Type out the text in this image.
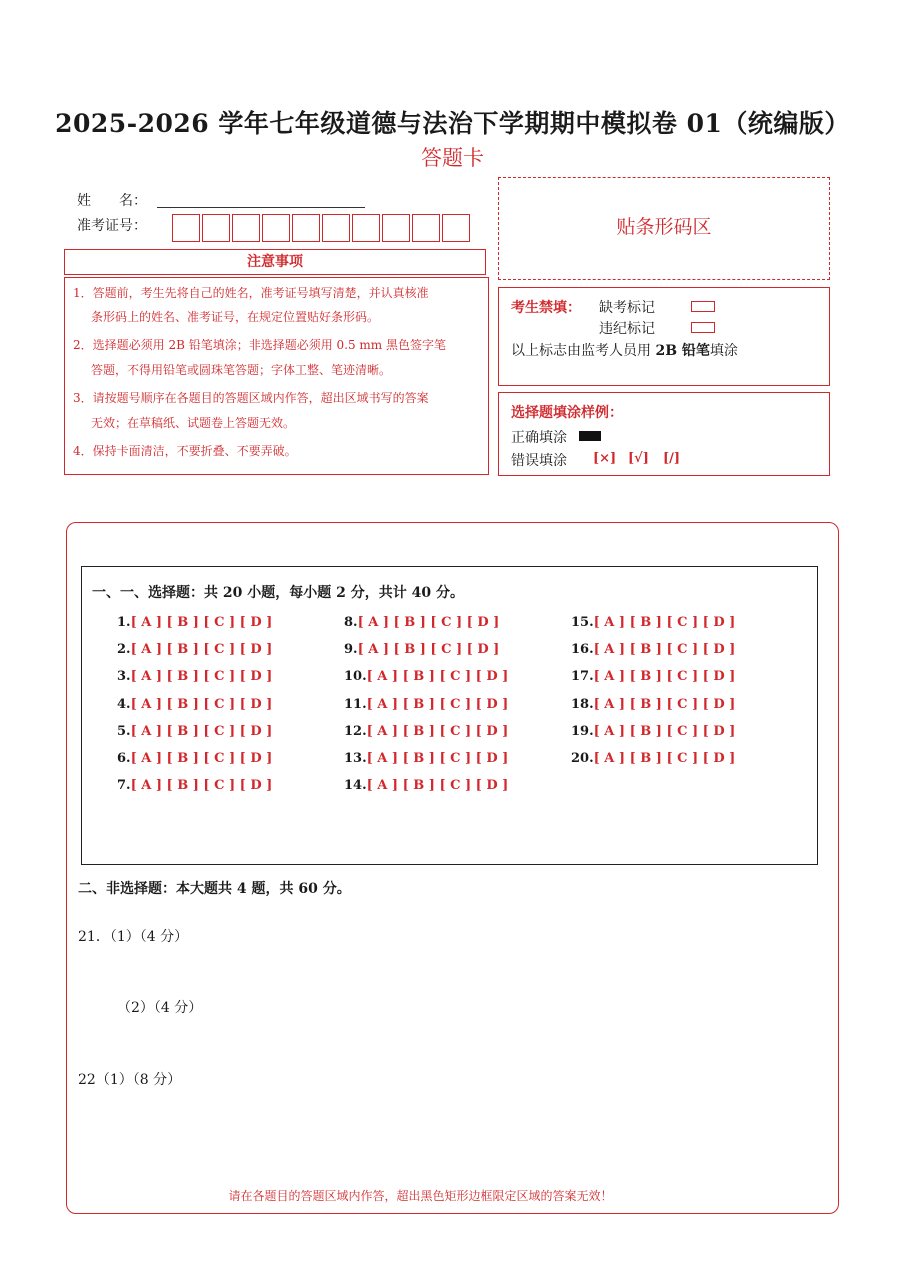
2025-2026 学年七年级道德与法治下学期期中模拟卷 01（统编版）
答题卡
姓　　名：
准考证号：
注意事项
1．答题前，考生先将自己的姓名，准考证号填写清楚，并认真核准
条形码上的姓名、准考证号，在规定位置贴好条形码。
2．选择题必须用 2B 铅笔填涂；非选择题必须用 0.5 mm 黑色签字笔
答题，不得用铅笔或圆珠笔答题；字体工整、笔迹清晰。
3．请按题号顺序在各题目的答题区域内作答，超出区域书写的答案
无效；在草稿纸、试题卷上答题无效。
4．保持卡面清洁，不要折叠、不要弄破。
贴条形码区
考生禁填： 缺考标记
违纪标记
以上标志由监考人员用 2B 铅笔填涂
选择题填涂样例：
正确填涂
错误填涂 [×] [√] [/]
一、一、选择题：共 20 小题，每小题 2 分，共计 40 分。
1.[ A ] [ B ] [ C ] [ D ]
2.[ A ] [ B ] [ C ] [ D ]
3.[ A ] [ B ] [ C ] [ D ]
4.[ A ] [ B ] [ C ] [ D ]
5.[ A ] [ B ] [ C ] [ D ]
6.[ A ] [ B ] [ C ] [ D ]
7.[ A ] [ B ] [ C ] [ D ]
8.[ A ] [ B ] [ C ] [ D ]
9.[ A ] [ B ] [ C ] [ D ]
10.[ A ] [ B ] [ C ] [ D ]
11.[ A ] [ B ] [ C ] [ D ]
12.[ A ] [ B ] [ C ] [ D ]
13.[ A ] [ B ] [ C ] [ D ]
14.[ A ] [ B ] [ C ] [ D ]
15.[ A ] [ B ] [ C ] [ D ]
16.[ A ] [ B ] [ C ] [ D ]
17.[ A ] [ B ] [ C ] [ D ]
18.[ A ] [ B ] [ C ] [ D ]
19.[ A ] [ B ] [ C ] [ D ]
20.[ A ] [ B ] [ C ] [ D ]
二、非选择题：本大题共 4 题，共 60 分。
21．（1）（4 分）
（2）（4 分）
22（1）（8 分）
请在各题目的答题区域内作答，超出黑色矩形边框限定区域的答案无效！
